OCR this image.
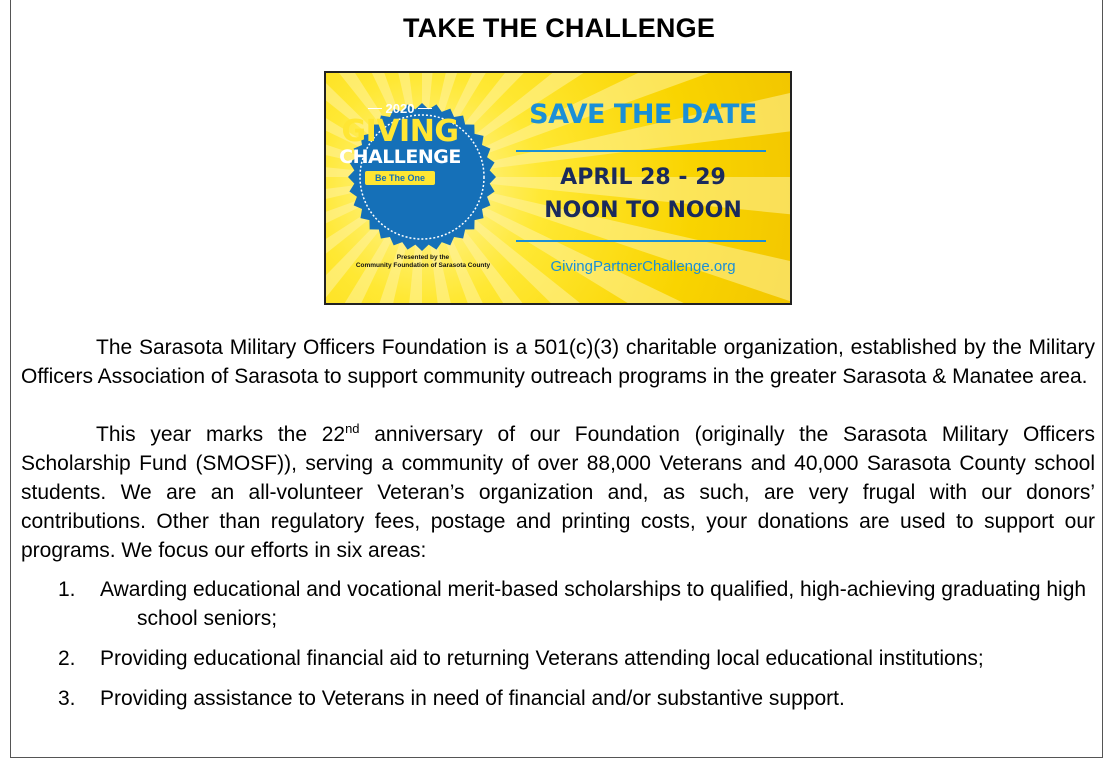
TAKE THE CHALLENGE
2020
GIVING
CHALLENGE
Be The One
Presented by the
Community Foundation of Sarasota County
SAVE THE DATE
APRIL 28 - 29
NOON TO NOON
GivingPartnerChallenge.org
The Sarasota Military Officers Foundation is a 501(c)(3) charitable organization, established by the Military Officers Association of Sarasota to support community outreach programs in the greater Sarasota & Manatee area.
This year marks the 22nd anniversary of our Foundation (originally the Sarasota Military Officers Scholarship Fund (SMOSF)), serving a community of over 88,000 Veterans and 40,000 Sarasota County school students. We are an all-volunteer Veteran’s organization and, as such, are very frugal with our donors’ contributions. Other than regulatory fees, postage and printing costs, your donations are used to support our programs. We focus our efforts in six areas:
1. Awarding educational and vocational merit-based scholarships to qualified, high-achieving graduating high school seniors;
2. Providing educational financial aid to returning Veterans attending local educational institutions;
3. Providing assistance to Veterans in need of financial and/or substantive support.
